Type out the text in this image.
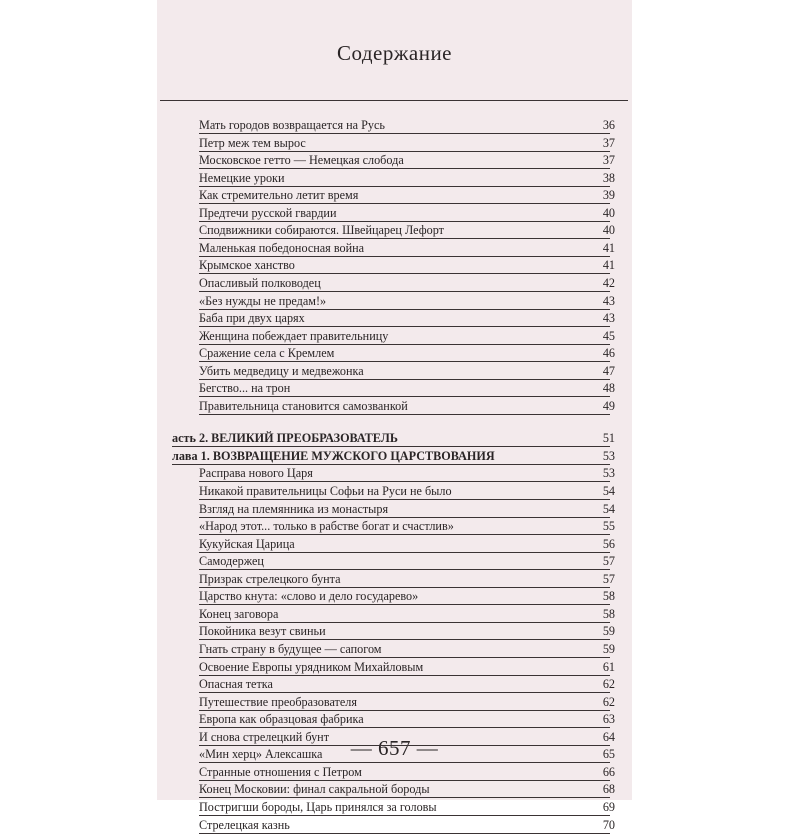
Содержание
— 657 —
Мать городов возвращается на Русь	36
Петр меж тем вырос	37
Московское гетто — Немецкая слобода	37
Немецкие уроки	38
Как стремительно летит время	39
Предтечи русской гвардии	40
Сподвижники собираются. Швейцарец Лефорт	40
Маленькая победоносная война	41
Крымское ханство	41
Опасливый полководец	42
«Без нужды не предам!»	43
Баба при двух царях	43
Женщина побеждает правительницу	45
Сражение села с Кремлем	46
Убить медведицу и медвежонка	47
Бегство... на трон	48
Правительница становится самозванкой	49
асть 2. ВЕЛИКИЙ ПРЕОБРАЗОВАТЕЛЬ	51
лава 1. ВОЗВРАЩЕНИЕ МУЖСКОГО ЦАРСТВОВАНИЯ	53
Расправа нового Царя	53
Никакой правительницы Софьи на Руси не было	54
Взгляд на племянника из монастыря	54
«Народ этот... только в рабстве богат и счастлив»	55
Кукуйская Царица	56
Самодержец	57
Призрак стрелецкого бунта	57
Царство кнута: «слово и дело государево»	58
Конец заговора	58
Покойника везут свиньи	59
Гнать страну в будущее — сапогом	59
Освоение Европы урядником Михайловым	61
Опасная тетка	62
Путешествие преобразователя	62
Европа как образцовая фабрика	63
И снова стрелецкий бунт	64
«Мин херц» Алексашка	65
Странные отношения с Петром	66
Конец Московии: финал сакральной бороды	68
Постригши бороды, Царь принялся за головы	69
Стрелецкая казнь	70
